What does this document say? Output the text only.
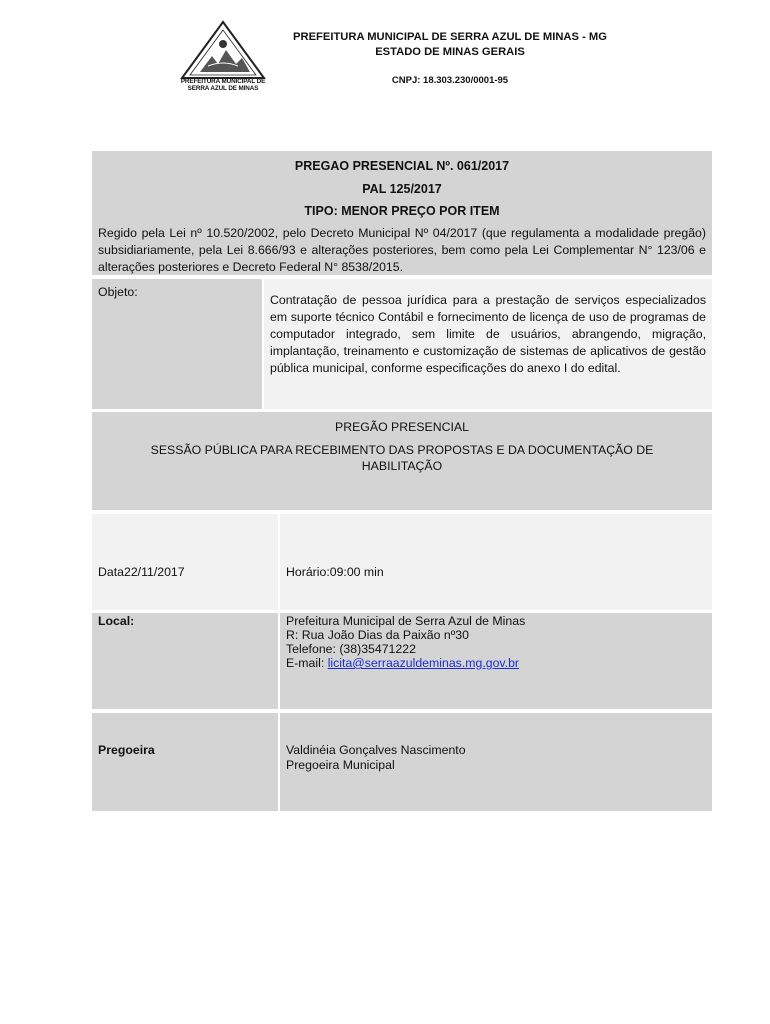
PREFEITURA MUNICIPAL DE
SERRA AZUL DE MINAS
PREFEITURA MUNICIPAL DE SERRA AZUL DE MINAS - MG
ESTADO DE MINAS GERAIS
CNPJ: 18.303.230/0001-95
PREGAO PRESENCIAL Nº. 061/2017
PAL 125/2017
TIPO: MENOR PREÇO POR ITEM
Regido pela Lei nº 10.520/2002, pelo Decreto Municipal Nº 04/2017 (que regulamenta a modalidade pregão) subsidiariamente, pela Lei 8.666/93 e alterações posteriores, bem como pela Lei Complementar N° 123/06 e alterações posteriores e Decreto Federal N° 8538/2015.
Objeto:
Contratação de pessoa jurídica para a prestação de serviços especializados em suporte técnico Contábil e fornecimento de licença de uso de programas de computador integrado, sem limite de usuários, abrangendo, migração, implantação, treinamento e customização de sistemas de aplicativos de gestão pública municipal, conforme especificações do anexo I do edital.
PREGÃO PRESENCIAL
SESSÃO PÚBLICA PARA RECEBIMENTO DAS PROPOSTAS E DA DOCUMENTAÇÃO DE HABILITAÇÃO
Data22/11/2017	Horário:09:00 min
Local:	Prefeitura Municipal de Serra Azul de Minas
R: Rua João Dias da Paixão nº30
Telefone: (38)35471222
E-mail: licita@serraazuldeminas.mg.gov.br
Pregoeira	Valdinéia Gonçalves Nascimento
Pregoeira Municipal
